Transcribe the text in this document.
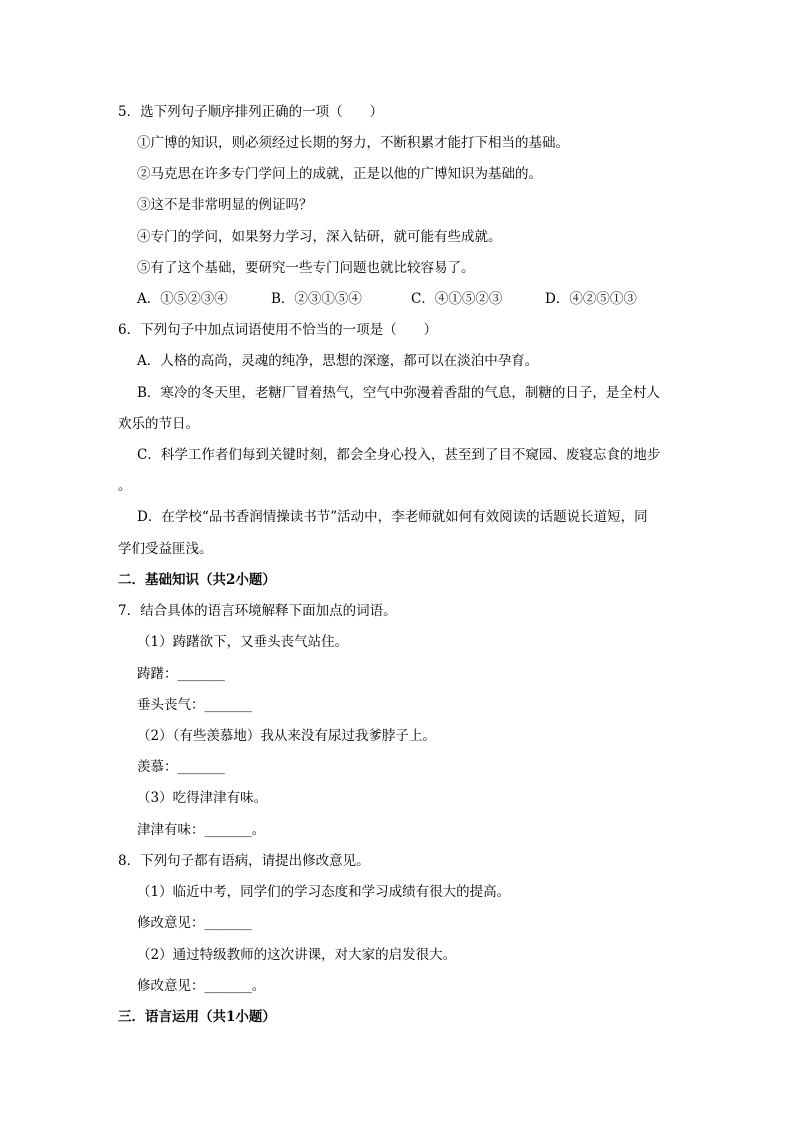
5．选下列句子顺序排列正确的一项（　　）
①广博的知识，则必须经过长期的努力，不断积累才能打下相当的基础。
②马克思在许多专门学问上的成就，正是以他的广博知识为基础的。
③这不是非常明显的例证吗？
④专门的学问，如果努力学习，深入钻研，就可能有些成就。
⑤有了这个基础，要研究一些专门问题也就比较容易了。
A．①⑤②③④	B．②③①⑤④	C．④①⑤②③	D．④②⑤①③
6．下列句子中加点词语使用不恰当的一项是（　　）
A．人格的高尚，灵魂的纯净，思想的深邃，都可以在淡泊中孕育。
B．寒冷的冬天里，老糖厂冒着热气，空气中弥漫着香甜的气息，制糖的日子，是全村人
欢乐的节日。
C．科学工作者们每到关键时刻，都会全身心投入，甚至到了目不窥园、废寝忘食的地步
。
D．在学校“品书香润情操读书节”活动中，李老师就如何有效阅读的话题说长道短，同
学们受益匪浅。
二．基础知识（共2小题）
7．结合具体的语言环境解释下面加点的词语。
（1）踌躇欲下，又垂头丧气站住。
踌躇：_______
垂头丧气：_______
（2）（有些羡慕地）我从来没有尿过我爹脖子上。
羡慕：_______
（3）吃得津津有味。
津津有味：_______。
8．下列句子都有语病，请提出修改意见。
（1）临近中考，同学们的学习态度和学习成绩有很大的提高。
修改意见：_______
（2）通过特级教师的这次讲课，对大家的启发很大。
修改意见：_______。
三．语言运用（共1小题）
